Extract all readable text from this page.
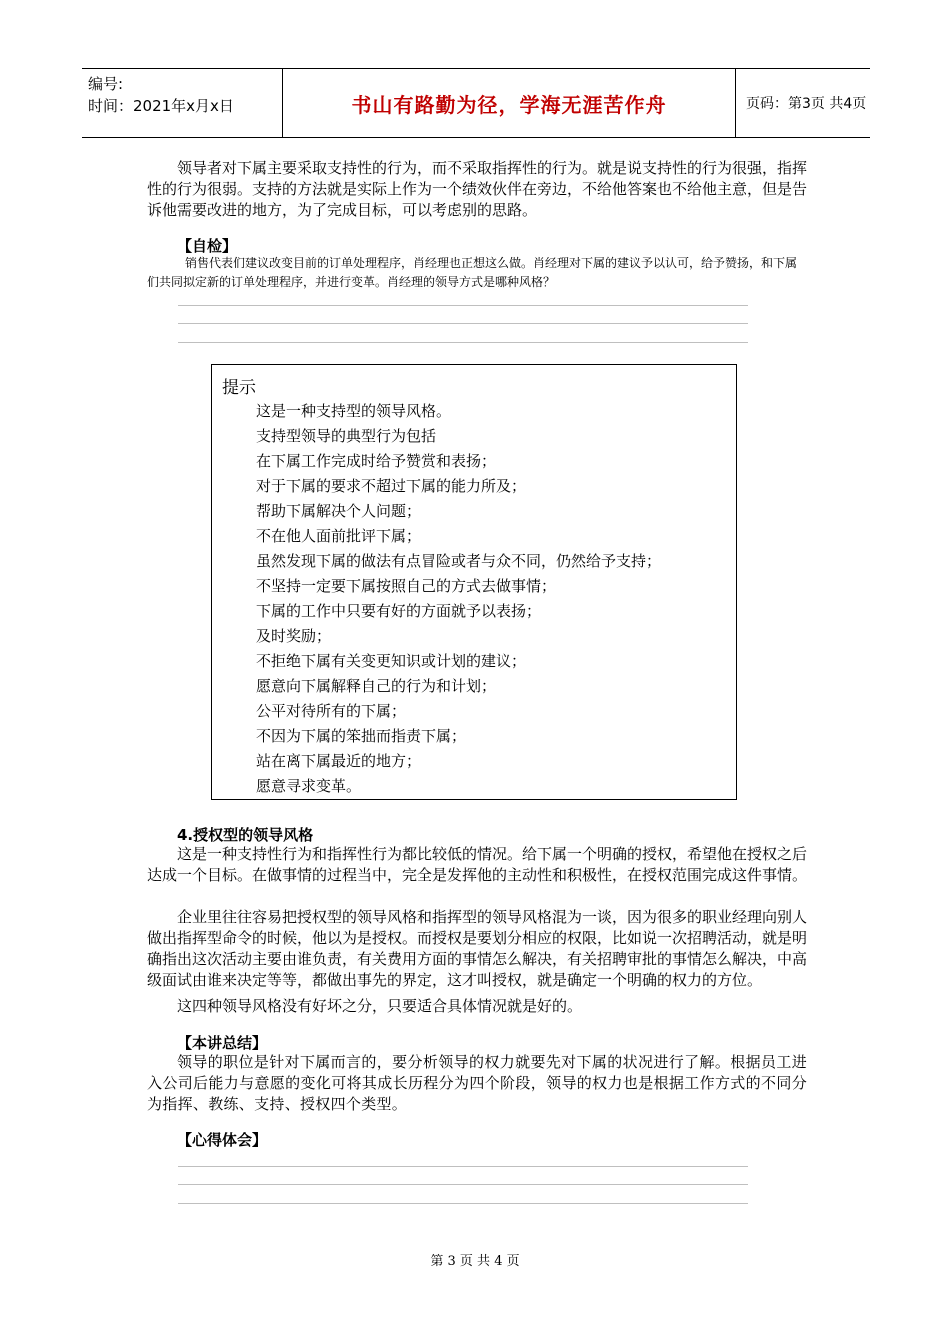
编号:
时间：2021年x月x日	书山有路勤为径，学海无涯苦作舟	页码：第3页 共4页

领导者对下属主要采取支持性的行为，而不采取指挥性的行为。就是说支持性的行为很强，指挥性的行为很弱。支持的方法就是实际上作为一个绩效伙伴在旁边，不给他答案也不给他主意，但是告诉他需要改进的地方，为了完成目标，可以考虑别的思路。

【自检】

销售代表们建议改变目前的订单处理程序，肖经理也正想这么做。肖经理对下属的建议予以认可，给予赞扬，和下属们共同拟定新的订单处理程序，并进行变革。肖经理的领导方式是哪种风格？

提示
这是一种支持型的领导风格。
支持型领导的典型行为包括
在下属工作完成时给予赞赏和表扬；
对于下属的要求不超过下属的能力所及；
帮助下属解决个人问题；
不在他人面前批评下属；
虽然发现下属的做法有点冒险或者与众不同，仍然给予支持；
不坚持一定要下属按照自己的方式去做事情；
下属的工作中只要有好的方面就予以表扬；
及时奖励；
不拒绝下属有关变更知识或计划的建议；
愿意向下属解释自己的行为和计划；
公平对待所有的下属；
不因为下属的笨拙而指责下属；
站在离下属最近的地方；
愿意寻求变革。
4.授权型的领导风格

这是一种支持性行为和指挥性行为都比较低的情况。给下属一个明确的授权，希望他在授权之后达成一个目标。在做事情的过程当中，完全是发挥他的主动性和积极性，在授权范围完成这件事情。

企业里往往容易把授权型的领导风格和指挥型的领导风格混为一谈，因为很多的职业经理向别人做出指挥型命令的时候，他以为是授权。而授权是要划分相应的权限，比如说一次招聘活动，就是明确指出这次活动主要由谁负责，有关费用方面的事情怎么解决，有关招聘审批的事情怎么解决，中高级面试由谁来决定等等，都做出事先的界定，这才叫授权，就是确定一个明确的权力的方位。

这四种领导风格没有好坏之分，只要适合具体情况就是好的。

【本讲总结】

领导的职位是针对下属而言的，要分析领导的权力就要先对下属的状况进行了解。根据员工进入公司后能力与意愿的变化可将其成长历程分为四个阶段，领导的权力也是根据工作方式的不同分为指挥、教练、支持、授权四个类型。

【心得体会】
第 3 页 共 4 页
